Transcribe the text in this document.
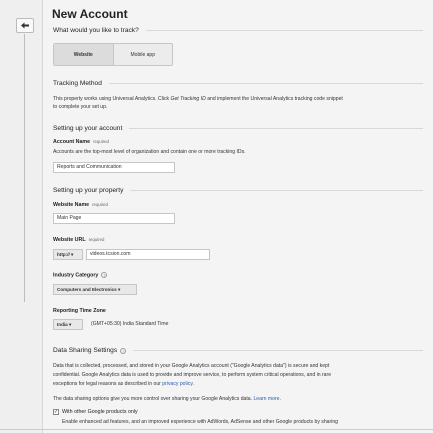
New Account
What would you like to track?
Website	Mobile app
Tracking Method
This property works using Universal Analytics. Click Get Tracking ID and implement the Universal Analytics tracking code snippet
to complete your set up.
Setting up your account
Account Name required
Accounts are the top-most level of organization and contain one or more tracking IDs.
Reports and Communication
Setting up your property
Website Name required
Main Page
Website URL required
http:// ▾	videos.tcsion.com
Industry Category ?
Computers and Electronics ▾
Reporting Time Zone
India ▾	(GMT+05:30) India Standard Time
Data Sharing Settings	?
Data that is collected, processed, and stored in your Google Analytics account ("Google Analytics data") is secure and kept
confidential. Google Analytics data is used to provide and improve service, to perform system critical operations, and in rare
exceptions for legal reasons as described in our privacy policy.
The data sharing options give you more control over sharing your Google Analytics data. Learn more.
✓ With other Google products only
Enable enhanced ad features, and an improved experience with AdWords, AdSense and other Google products by sharing
